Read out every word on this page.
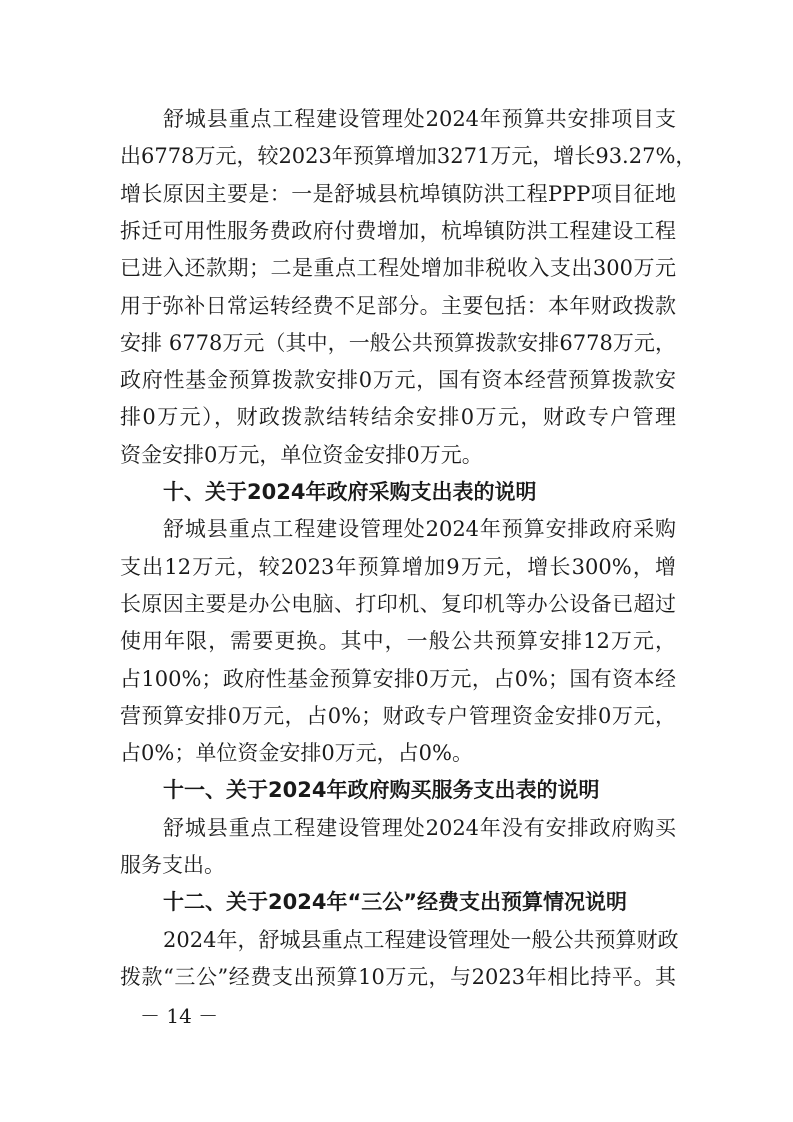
舒城县重点工程建设管理处2024年预算共安排项目支
出6778万元，较2023年预算增加3271万元，增长93.27%，
增长原因主要是：一是舒城县杭埠镇防洪工程PPP项目征地
拆迁可用性服务费政府付费增加，杭埠镇防洪工程建设工程
已进入还款期；二是重点工程处增加非税收入支出300万元
用于弥补日常运转经费不足部分。主要包括：本年财政拨款
安排 6778万元（其中，一般公共预算拨款安排6778万元，
政府性基金预算拨款安排0万元，国有资本经营预算拨款安
排0万元），财政拨款结转结余安排0万元，财政专户管理
资金安排0万元，单位资金安排0万元。
十、关于2024年政府采购支出表的说明
舒城县重点工程建设管理处2024年预算安排政府采购
支出12万元，较2023年预算增加9万元，增长300%，增
长原因主要是办公电脑、打印机、复印机等办公设备已超过
使用年限，需要更换。其中，一般公共预算安排12万元，
占100%；政府性基金预算安排0万元，占0%；国有资本经
营预算安排0万元，占0%；财政专户管理资金安排0万元，
占0%；单位资金安排0万元，占0%。
十一、关于2024年政府购买服务支出表的说明
舒城县重点工程建设管理处2024年没有安排政府购买
服务支出。
十二、关于2024年“三公”经费支出预算情况说明
2024年，舒城县重点工程建设管理处一般公共预算财政
拨款“三公”经费支出预算10万元，与2023年相比持平。其
－ 14 －
